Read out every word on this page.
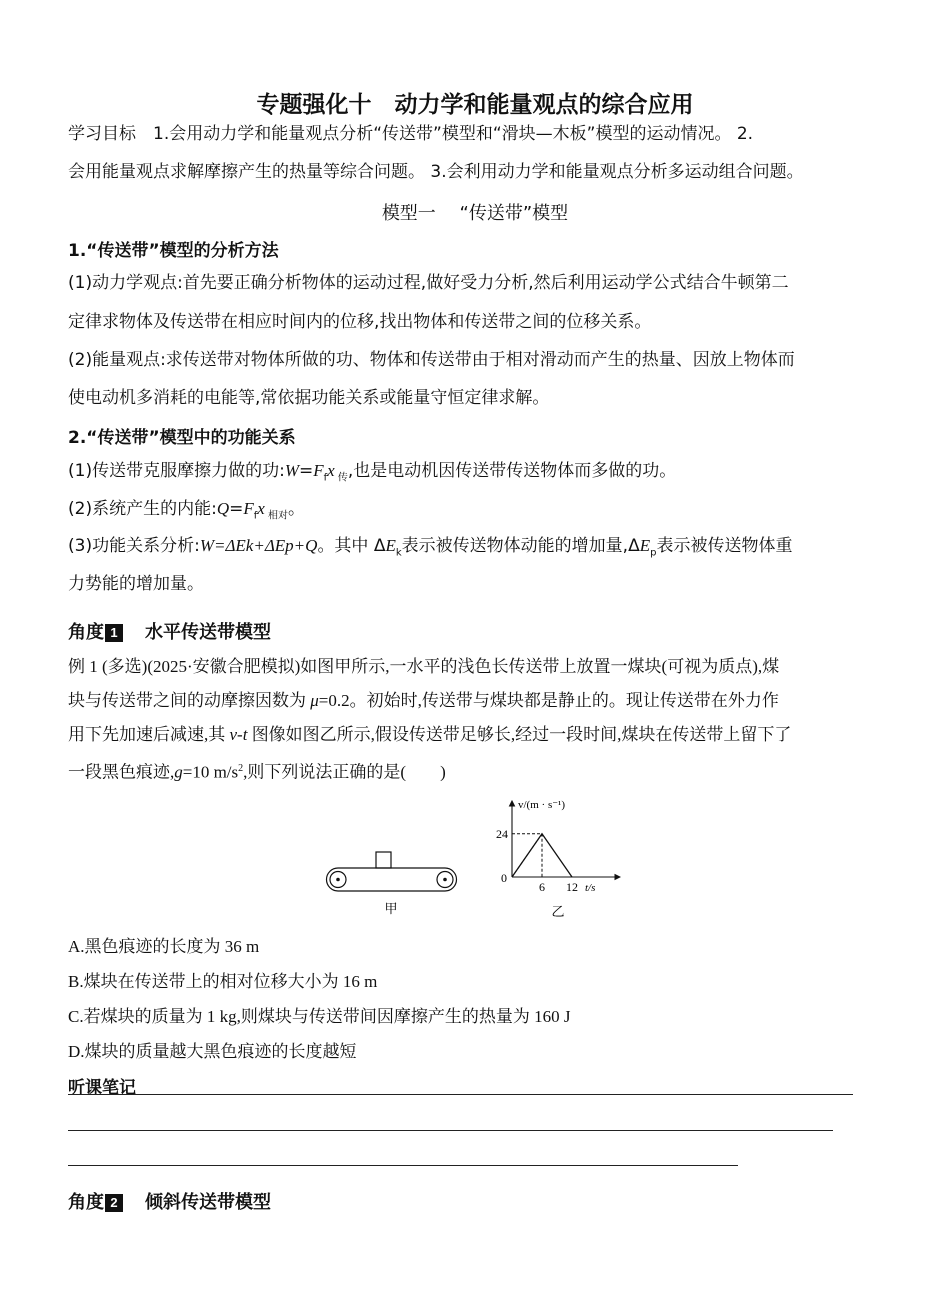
专题强化十　动力学和能量观点的综合应用
学习目标　1.会用动力学和能量观点分析“传送带”模型和“滑块—木板”模型的运动情况。 2.
会用能量观点求解摩擦产生的热量等综合问题。 3.会利用动力学和能量观点分析多运动组合问题。
模型一　 “传送带”模型
1.“传送带”模型的分析方法
(1)动力学观点:首先要正确分析物体的运动过程,做好受力分析,然后利用运动学公式结合牛顿第二
定律求物体及传送带在相应时间内的位移,找出物体和传送带之间的位移关系。
(2)能量观点:求传送带对物体所做的功、物体和传送带由于相对滑动而产生的热量、因放上物体而
使电动机多消耗的电能等,常依据功能关系或能量守恒定律求解。
2.“传送带”模型中的功能关系
(1)传送带克服摩擦力做的功$:W=F_fx$ $_传$,也是电动机因传送带传送物体而多做的功。
(2)系统产生的内能$:Q=F_fx$ $_{相对}$。
(3)功能关系分析:W=ΔEk+ΔEp+Q。其中 $\Delta E_k$表示被传送物体动能的增加量$,\Delta E_p$表示被传送物体重
力势能的增加量。
角度 1 水平传送带模型
例 1 (多选)(2025·安徽合肥模拟)如图甲所示,一水平的浅色长传送带上放置一煤块(可视为质点),煤
块与传送带之间的动摩擦因数为 μ=0.2。初始时,传送带与煤块都是静止的。现让传送带在外力作
用下先加速后减速,其 v-t 图像如图乙所示,假设传送带足够长,经过一段时间,煤块在传送带上留下了
一段黑色痕迹,g=10 $m/s^2$,则下列说法正确的是(　　)
甲
v/(m · s⁻¹)
0
24
6 12 t/s
乙
A.黑色痕迹的长度为 36 m
B.煤块在传送带上的相对位移大小为 16 m
C.若煤块的质量为 1 kg,则煤块与传送带间因摩擦产生的热量为 160 J
D.煤块的质量越大黑色痕迹的长度越短
听课笔记
角度 2 倾斜传送带模型
